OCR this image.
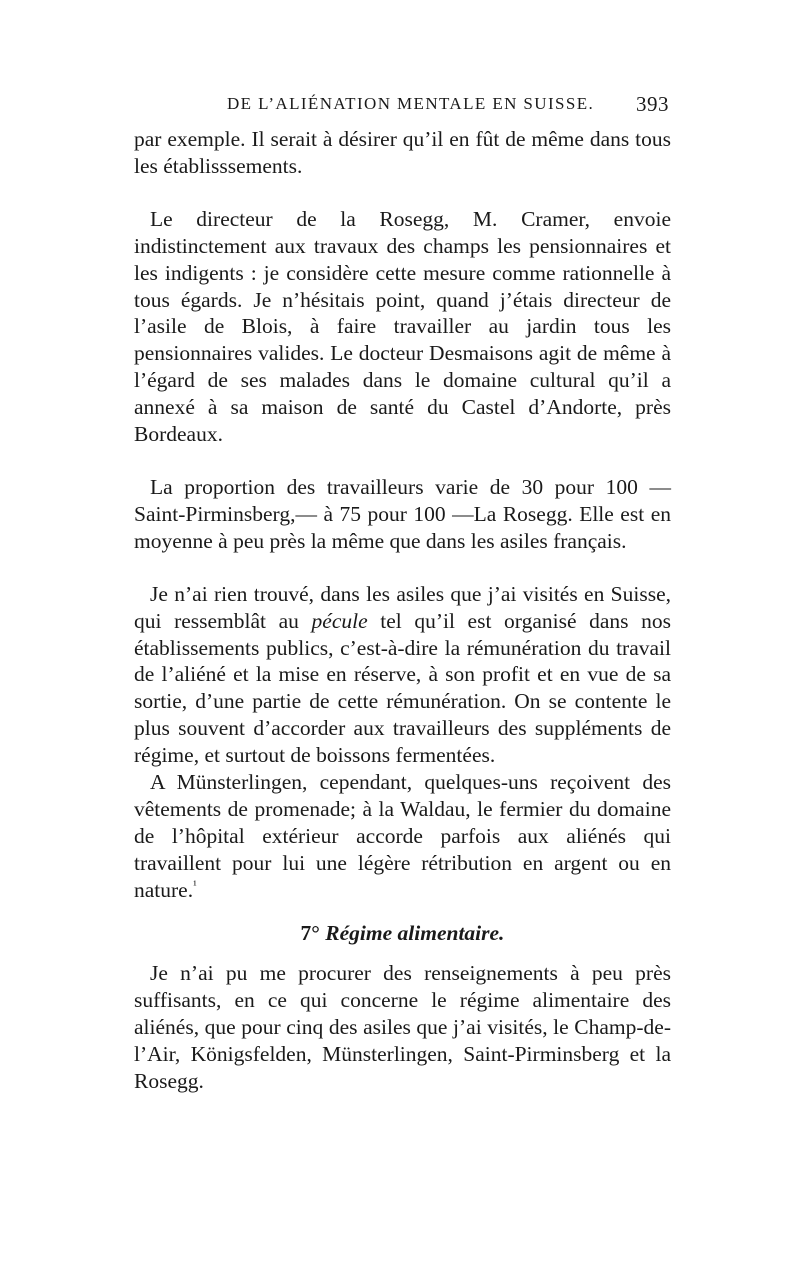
DE L’ALIÉNATION MENTALE EN SUISSE. 393

par exemple. Il serait à désirer qu’il en fût de même dans tous les établisssements.

Le directeur de la Rosegg, M. Cramer, envoie indistinctement aux travaux des champs les pensionnaires et les indigents : je considère cette mesure comme rationnelle à tous égards. Je n’hésitais point, quand j’étais directeur de l’asile de Blois, à faire travailler au jardin tous les pensionnaires valides. Le docteur Desmaisons agit de même à l’égard de ses malades dans le domaine cultural qu’il a annexé à sa maison de santé du Castel d’Andorte, près Bordeaux.

La proportion des travailleurs varie de 30 pour 100 — Saint-Pirminsberg,— à 75 pour 100 —La Rosegg. Elle est en moyenne à peu près la même que dans les asiles français.

Je n’ai rien trouvé, dans les asiles que j’ai visités en Suisse, qui ressemblât au pécule tel qu’il est organisé dans nos établissements publics, c’est-à-dire la rémunération du travail de l’aliéné et la mise en réserve, à son profit et en vue de sa sortie, d’une partie de cette rémunération. On se contente le plus souvent d’accorder aux travailleurs des suppléments de régime, et surtout de boissons fermentées.

A Münsterlingen, cependant, quelques-uns reçoivent des vêtements de promenade; à la Waldau, le fermier du domaine de l’hôpital extérieur accorde parfois aux aliénés qui travaillent pour lui une légère rétribution en argent ou en nature.$^{^1}$

7° Régime alimentaire.

Je n’ai pu me procurer des renseignements à peu près suffisants, en ce qui concerne le régime alimentaire des aliénés, que pour cinq des asiles que j’ai visités, le Champ-de-l’Air, Königsfelden, Münsterlingen, Saint-Pirminsberg et la Rosegg.
